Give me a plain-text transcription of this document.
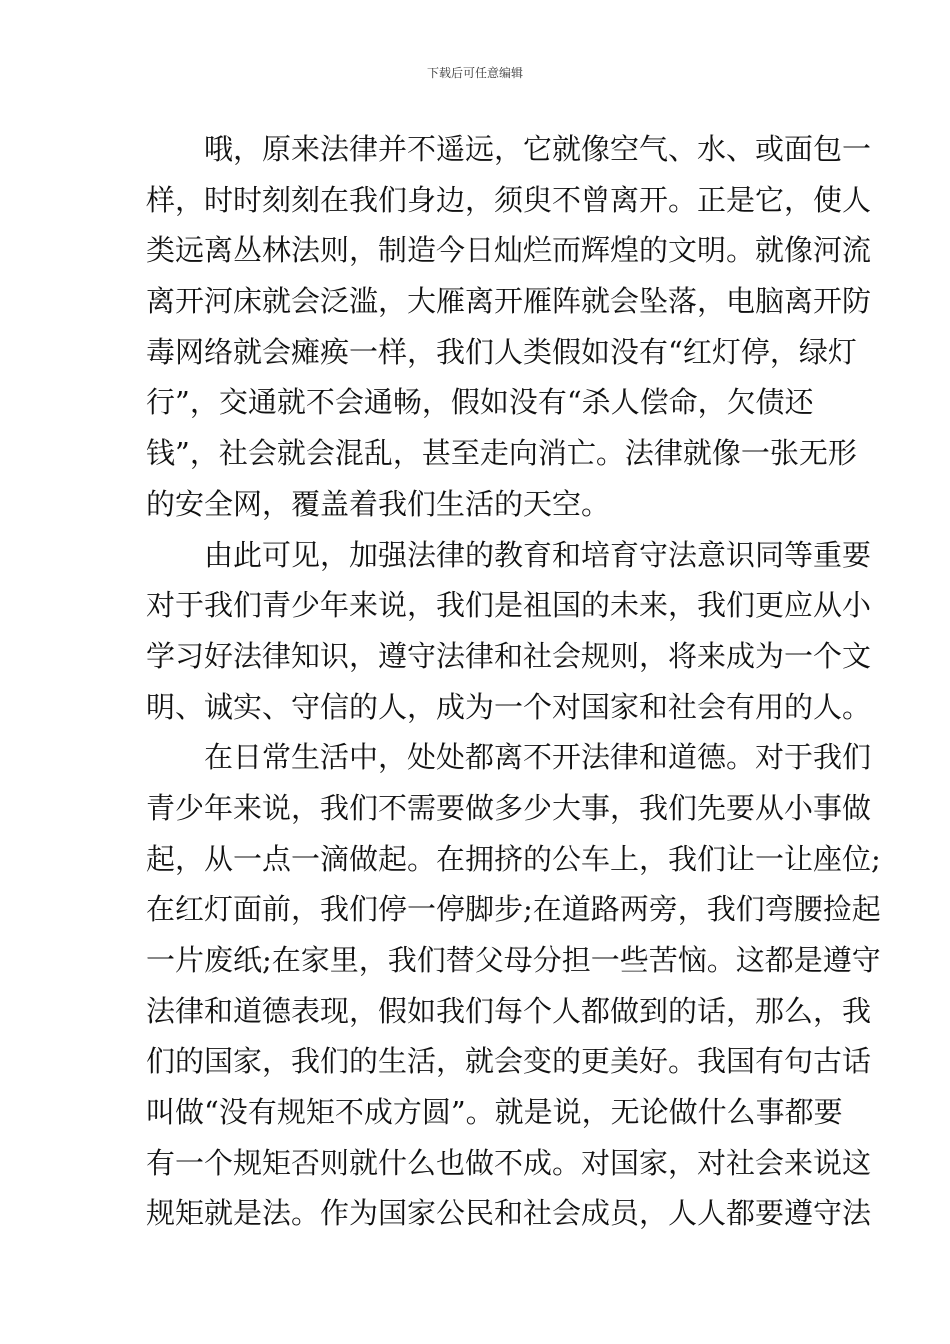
下载后可任意编辑
哦，原来法律并不遥远，它就像空气、水、或面包一
样，时时刻刻在我们身边，须臾不曾离开。正是它，使人
类远离丛林法则，制造今日灿烂而辉煌的文明。就像河流
离开河床就会泛滥，大雁离开雁阵就会坠落，电脑离开防
毒网络就会瘫痪一样，我们人类假如没有“红灯停，绿灯
行”，交通就不会通畅，假如没有“杀人偿命，欠债还
钱”，社会就会混乱，甚至走向消亡。法律就像一张无形
的安全网，覆盖着我们生活的天空。
由此可见，加强法律的教育和培育守法意识同等重要
对于我们青少年来说，我们是祖国的未来，我们更应从小
学习好法律知识，遵守法律和社会规则，将来成为一个文
明、诚实、守信的人，成为一个对国家和社会有用的人。
在日常生活中，处处都离不开法律和道德。对于我们
青少年来说，我们不需要做多少大事，我们先要从小事做
起，从一点一滴做起。在拥挤的公车上，我们让一让座位;
在红灯面前，我们停一停脚步;在道路两旁，我们弯腰捡起
一片废纸;在家里，我们替父母分担一些苦恼。这都是遵守
法律和道德表现，假如我们每个人都做到的话，那么，我
们的国家，我们的生活，就会变的更美好。我国有句古话
叫做“没有规矩不成方圆”。就是说，无论做什么事都要
有一个规矩否则就什么也做不成。对国家，对社会来说这
规矩就是法。作为国家公民和社会成员，人人都要遵守法
